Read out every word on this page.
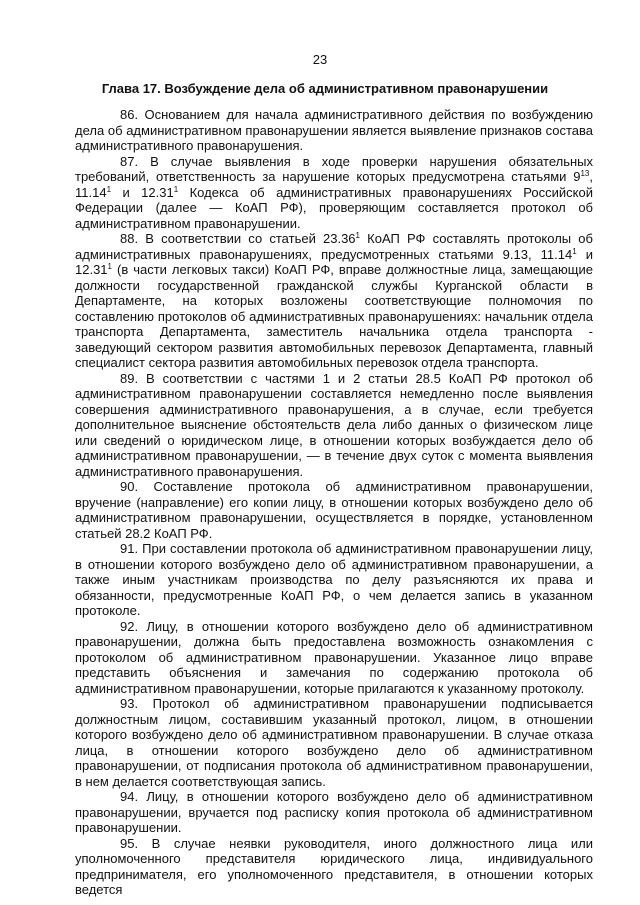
23
Глава 17. Возбуждение дела об административном правонарушении

86. Основанием для начала административного действия по возбуждению дела об административном правонарушении является выявление признаков состава административного правонарушения.

87. В случае выявления в ходе проверки нарушения обязательных требований, ответственность за нарушение которых предусмотрена статьями $9^{13}$, 11.14$^1$ и 12.31$^1$ Кодекса об административных правонарушениях Российской Федерации (далее — КоАП РФ), проверяющим составляется протокол об административном правонарушении.

88. В соответствии со статьей 23.36$^1$ КоАП РФ составлять протоколы об административных правонарушениях, предусмотренных статьями 9.13, 11.14$^1$ и 12.31$^1$ (в части легковых такси) КоАП РФ, вправе должностные лица, замещающие должности государственной гражданской службы Курганской области в Департаменте, на которых возложены соответствующие полномочия по составлению протоколов об административных правонарушениях: начальник отдела транспорта Департамента, заместитель начальника отдела транспорта - заведующий сектором развития автомобильных перевозок Департамента, главный специалист сектора развития автомобильных перевозок отдела транспорта.

89. В соответствии с частями 1 и 2 статьи 28.5 КоАП РФ протокол об административном правонарушении составляется немедленно после выявления совершения административного правонарушения, а в случае, если требуется дополнительное выяснение обстоятельств дела либо данных о физическом лице или сведений о юридическом лице, в отношении которых возбуждается дело об административном правонарушении, — в течение двух суток с момента выявления административного правонарушения.

90. Составление протокола об административном правонарушении, вручение (направление) его копии лицу, в отношении которых возбуждено дело об административном правонарушении, осуществляется в порядке, установленном статьей 28.2 КоАП РФ.

91. При составлении протокола об административном правонарушении лицу, в отношении которого возбуждено дело об административном правонарушении, а также иным участникам производства по делу разъясняются их права и обязанности, предусмотренные КоАП РФ, о чем делается запись в указанном протоколе.

92. Лицу, в отношении которого возбуждено дело об административном правонарушении, должна быть предоставлена возможность ознакомления с протоколом об административном правонарушении. Указанное лицо вправе представить объяснения и замечания по содержанию протокола об административном правонарушении, которые прилагаются к указанному протоколу.

93. Протокол об административном правонарушении подписывается должностным лицом, составившим указанный протокол, лицом, в отношении которого возбуждено дело об административном правонарушении. В случае отказа лица, в отношении которого возбуждено дело об административном правонарушении, от подписания протокола об административном правонарушении, в нем делается соответствующая запись.

94. Лицу, в отношении которого возбуждено дело об административном правонарушении, вручается под расписку копия протокола об административном правонарушении.

95. В случае неявки руководителя, иного должностного лица или уполномоченного представителя юридического лица, индивидуального предпринимателя, его уполномоченного представителя, в отношении которых ведется
